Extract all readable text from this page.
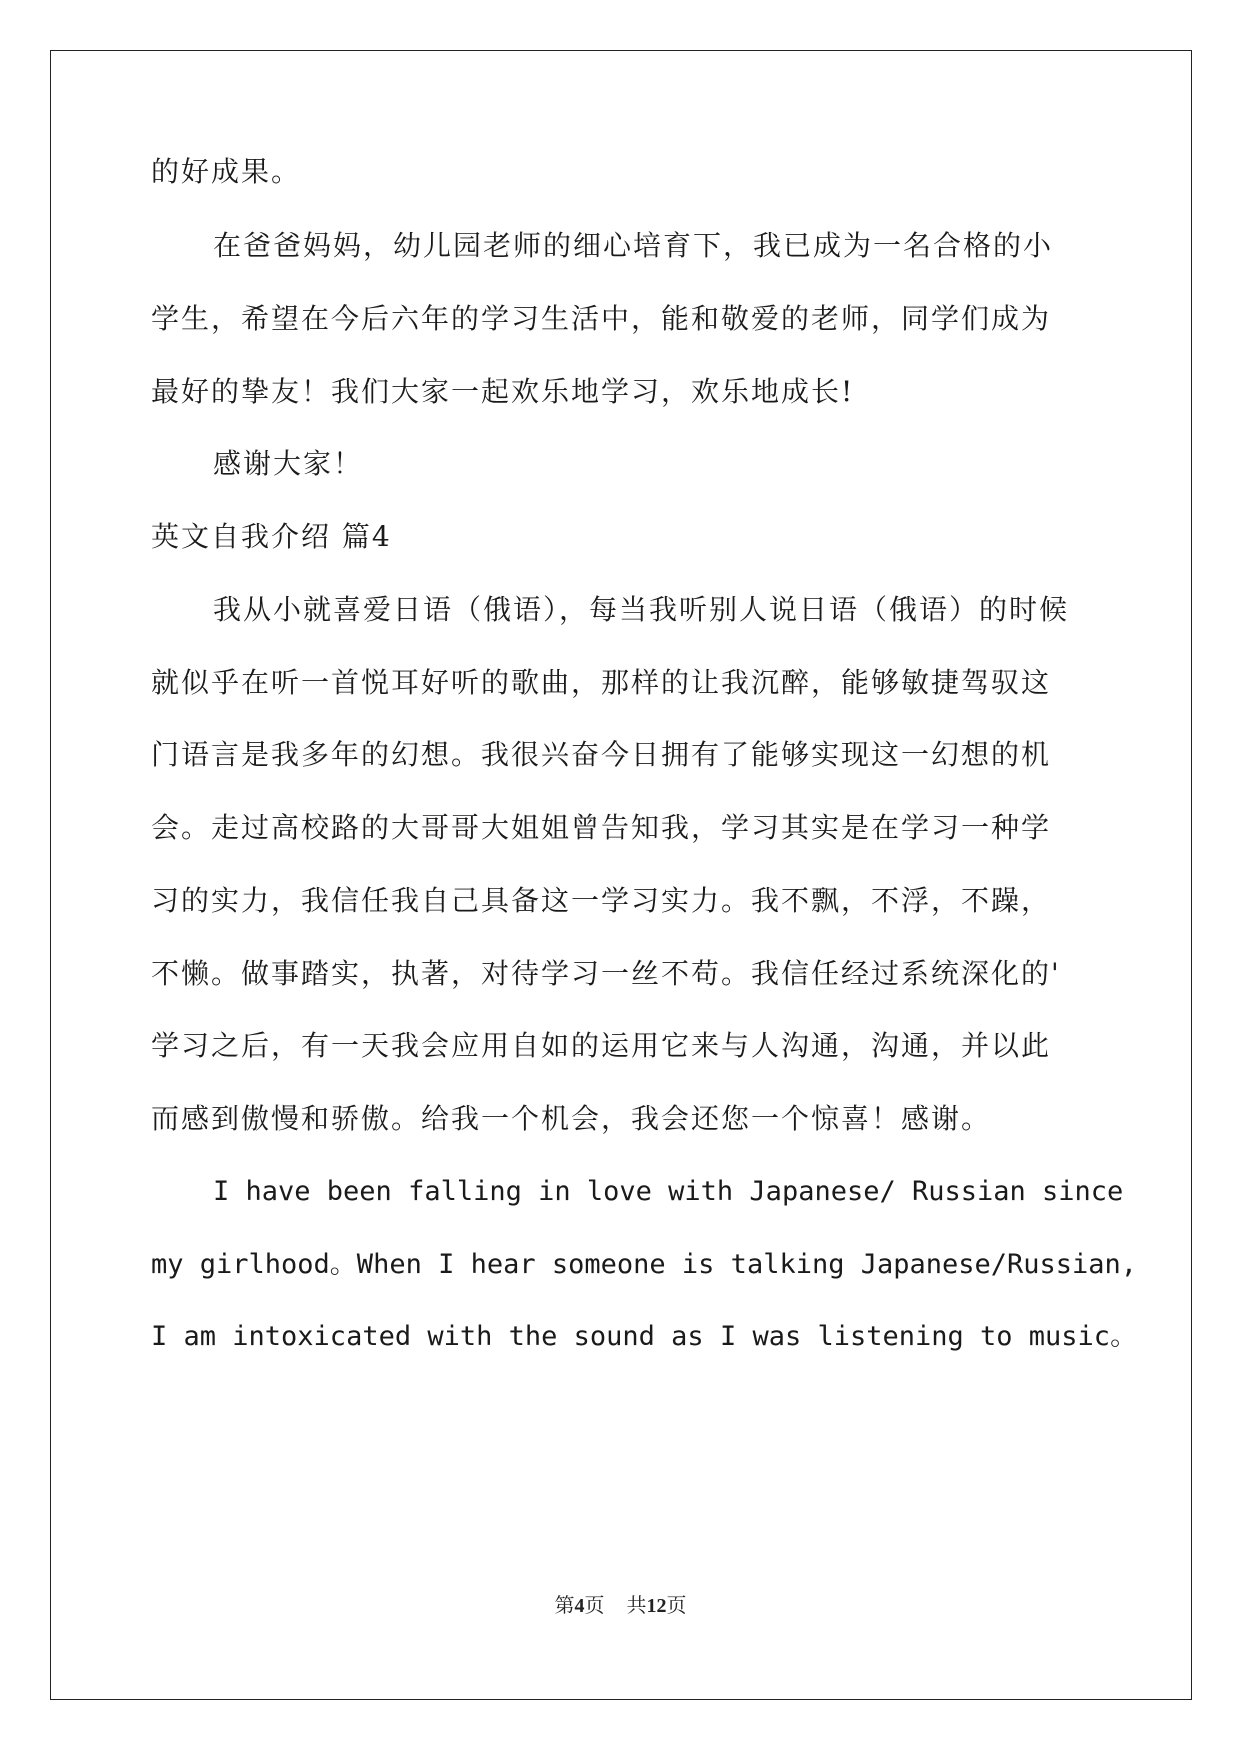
的好成果。
在爸爸妈妈，幼儿园老师的细心培育下，我已成为一名合格的小
学生，希望在今后六年的学习生活中，能和敬爱的老师，同学们成为
最好的挚友！我们大家一起欢乐地学习，欢乐地成长!
感谢大家！
英文自我介绍 篇4
我从小就喜爱日语（俄语），每当我听别人说日语（俄语）的时候
就似乎在听一首悦耳好听的歌曲，那样的让我沉醉，能够敏捷驾驭这
门语言是我多年的幻想。我很兴奋今日拥有了能够实现这一幻想的机
会。走过高校路的大哥哥大姐姐曾告知我，学习其实是在学习一种学
习的实力，我信任我自己具备这一学习实力。我不飘，不浮，不躁，
不懒。做事踏实，执著，对待学习一丝不苟。我信任经过系统深化的'
学习之后，有一天我会应用自如的运用它来与人沟通，沟通，并以此
而感到傲慢和骄傲。给我一个机会，我会还您一个惊喜！感谢。
I have been falling in love with Japanese/ Russian since
my girlhood。When I hear someone is talking Japanese/Russian,
I am intoxicated with the sound as I was listening to music。
第4页 共12页
